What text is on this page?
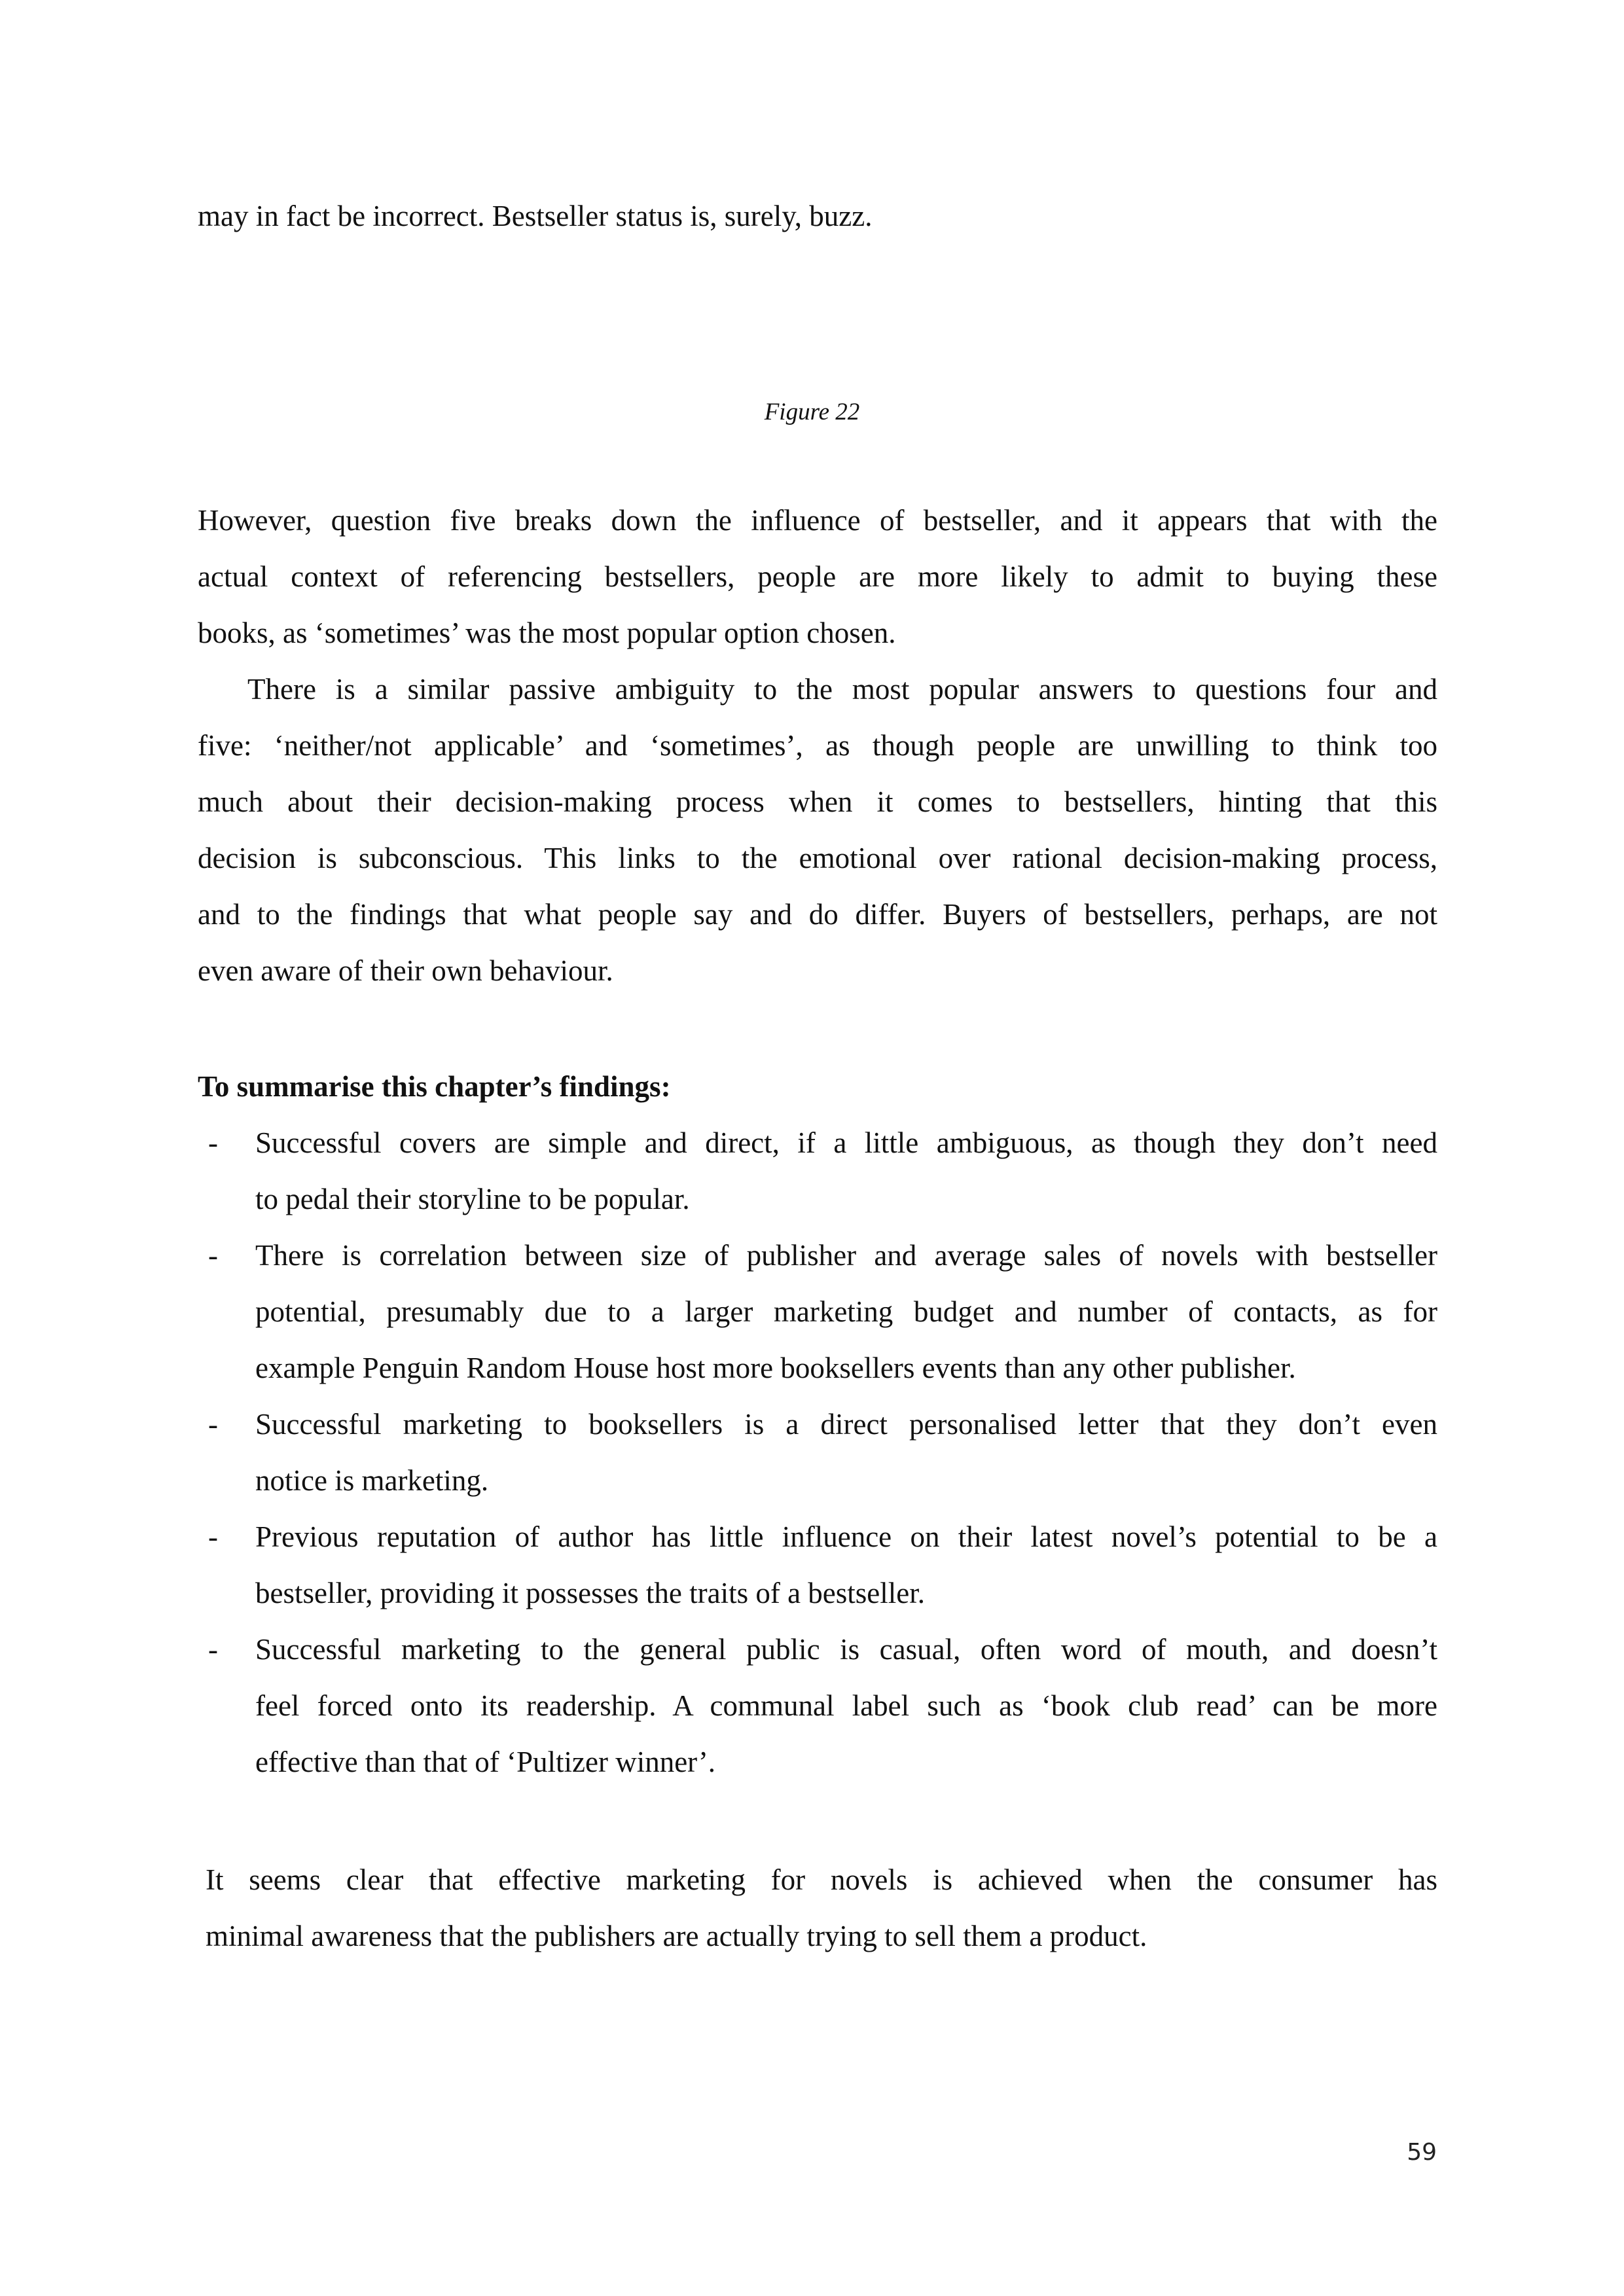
may in fact be incorrect. Bestseller status is, surely, buzz.
Figure 22
However, question five breaks down the influence of bestseller, and it appears that with the
actual context of referencing bestsellers, people are more likely to admit to buying these
books, as ‘sometimes’ was the most popular option chosen.
There is a similar passive ambiguity to the most popular answers to questions four and
five: ‘neither/not applicable’ and ‘sometimes’, as though people are unwilling to think too
much about their decision-making process when it comes to bestsellers, hinting that this
decision is subconscious. This links to the emotional over rational decision-making process,
and to the findings that what people say and do differ. Buyers of bestsellers, perhaps, are not
even aware of their own behaviour.
To summarise this chapter’s findings:
- Successful covers are simple and direct, if a little ambiguous, as though they don’t need
to pedal their storyline to be popular.
- There is correlation between size of publisher and average sales of novels with bestseller
potential, presumably due to a larger marketing budget and number of contacts, as for
example Penguin Random House host more booksellers events than any other publisher.
- Successful marketing to booksellers is a direct personalised letter that they don’t even
notice is marketing.
- Previous reputation of author has little influence on their latest novel’s potential to be a
bestseller, providing it possesses the traits of a bestseller.
- Successful marketing to the general public is casual, often word of mouth, and doesn’t
feel forced onto its readership. A communal label such as ‘book club read’ can be more
effective than that of ‘Pultizer winner’.
It seems clear that effective marketing for novels is achieved when the consumer has
minimal awareness that the publishers are actually trying to sell them a product.
59
